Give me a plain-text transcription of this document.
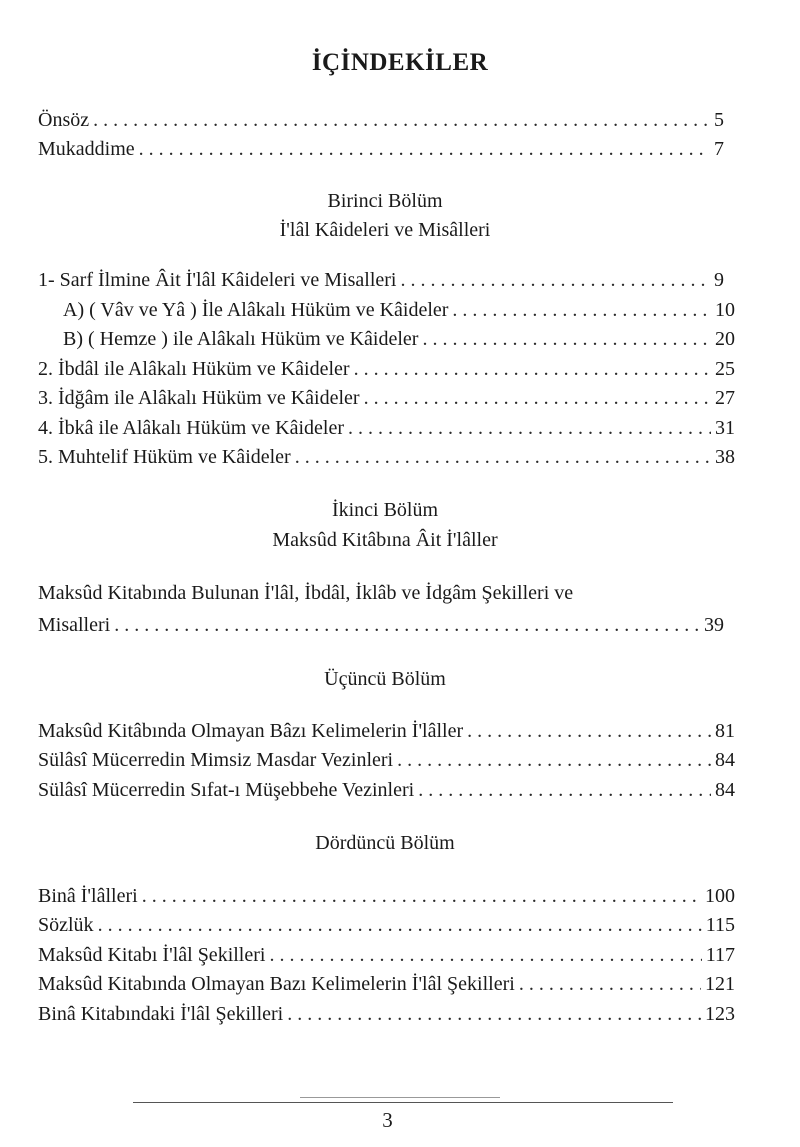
İÇİNDEKİLER
Önsöz . . .	5
Mukaddime . . .	7
Birinci Bölüm
İ'lâl Kâideleri ve Misâlleri
1- Sarf İlmine Âit İ'lâl Kâideleri ve Misalleri . . .	9
A) ( Vâv ve Yâ ) İle Alâkalı Hüküm ve Kâideler . . .	10
B) ( Hemze ) ile Alâkalı Hüküm ve Kâideler . . .	20
2. İbdâl ile Alâkalı Hüküm ve Kâideler . . .	25
3. İdğâm ile Alâkalı Hüküm ve Kâideler . . .	27
4. İbkâ ile Alâkalı Hüküm ve Kâideler . . .	31
5. Muhtelif Hüküm ve Kâideler . . .	38
İkinci Bölüm
Maksûd Kitâbına Âit İ'lâller
Maksûd Kitabında Bulunan İ'lâl, İbdâl, İklâb ve İdgâm Şekilleri ve
Misalleri . . .	39
Üçüncü Bölüm
Maksûd Kitâbında Olmayan Bâzı Kelimelerin İ'lâller . . .	81
Sülâsî Mücerredin Mimsiz Masdar Vezinleri . . .	84
Sülâsî Mücerredin Sıfat-ı Müşebbehe Vezinleri . . .	84
Dördüncü Bölüm
Binâ İ'lâlleri . . .	100
Sözlük . . .	115
Maksûd Kitabı İ'lâl Şekilleri . . .	117
Maksûd Kitabında Olmayan Bazı Kelimelerin İ'lâl Şekilleri . . .	121
Binâ Kitabındaki İ'lâl Şekilleri . . .	123
3
